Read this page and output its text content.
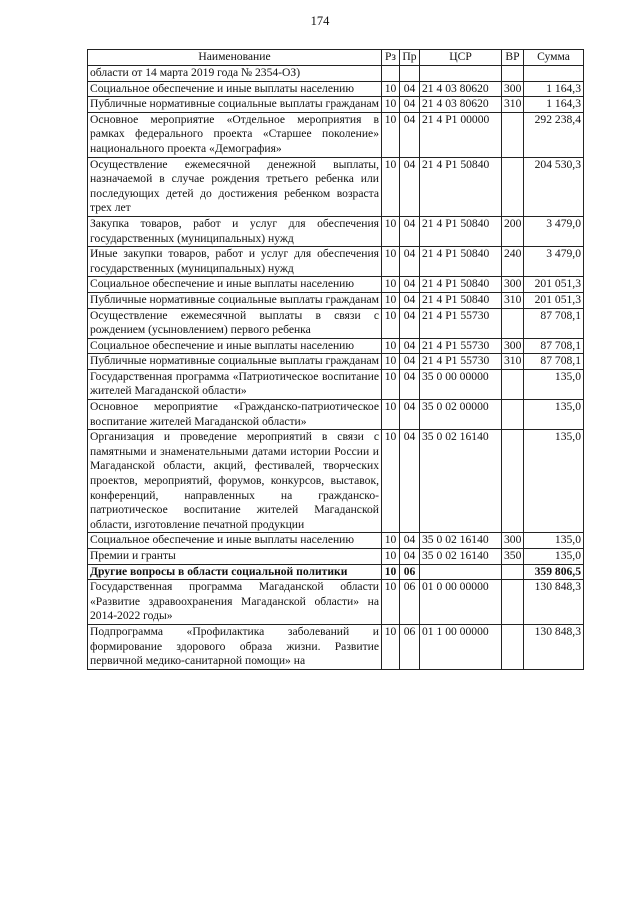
174
Наименование	Рз	Пр	ЦСР	ВР	Сумма
области от 14 марта 2019 года № 2354-ОЗ)					
Социальное обеспечение и иные выплаты населению	10	04	21 4 03 80620	300	1 164,3
Публичные нормативные социальные выплаты гражданам	10	04	21 4 03 80620	310	1 164,3
Основное мероприятие «Отдельное мероприятия в рамках федерального проекта «Старшее поколение» национального проекта «Демография»	10	04	21 4 P1 00000		292 238,4
Осуществление ежемесячной денежной выплаты, назначаемой в случае рождения третьего ребенка или последующих детей до достижения ребенком возраста трех лет	10	04	21 4 P1 50840		204 530,3
Закупка товаров, работ и услуг для обеспечения государственных (муниципальных) нужд	10	04	21 4 P1 50840	200	3 479,0
Иные закупки товаров, работ и услуг для обеспечения государственных (муниципальных) нужд	10	04	21 4 P1 50840	240	3 479,0
Социальное обеспечение и иные выплаты населению	10	04	21 4 P1 50840	300	201 051,3
Публичные нормативные социальные выплаты гражданам	10	04	21 4 P1 50840	310	201 051,3
Осуществление ежемесячной выплаты в связи с рождением (усыновлением) первого ребенка	10	04	21 4 P1 55730		87 708,1
Социальное обеспечение и иные выплаты населению	10	04	21 4 P1 55730	300	87 708,1
Публичные нормативные социальные выплаты гражданам	10	04	21 4 P1 55730	310	87 708,1
Государственная программа «Патриотическое воспитание жителей Магаданской области»	10	04	35 0 00 00000		135,0
Основное мероприятие «Гражданско-патриотическое воспитание жителей Магаданской области»	10	04	35 0 02 00000		135,0
Организация и проведение мероприятий в связи с памятными и знаменательными датами истории России и Магаданской области, акций, фестивалей, творческих проектов, мероприятий, форумов, конкурсов, выставок, конференций, направленных на гражданско-патриотическое воспитание жителей Магаданской области, изготовление печатной продукции	10	04	35 0 02 16140		135,0
Социальное обеспечение и иные выплаты населению	10	04	35 0 02 16140	300	135,0
Премии и гранты	10	04	35 0 02 16140	350	135,0
Другие вопросы в области социальной политики	10	06			359 806,5
Государственная программа Магаданской области «Развитие здравоохранения Магаданской области» на 2014-2022 годы»	10	06	01 0 00 00000		130 848,3
Подпрограмма «Профилактика заболеваний и формирование здорового образа жизни. Развитие первичной медико-санитарной помощи» на	10	06	01 1 00 00000		130 848,3
